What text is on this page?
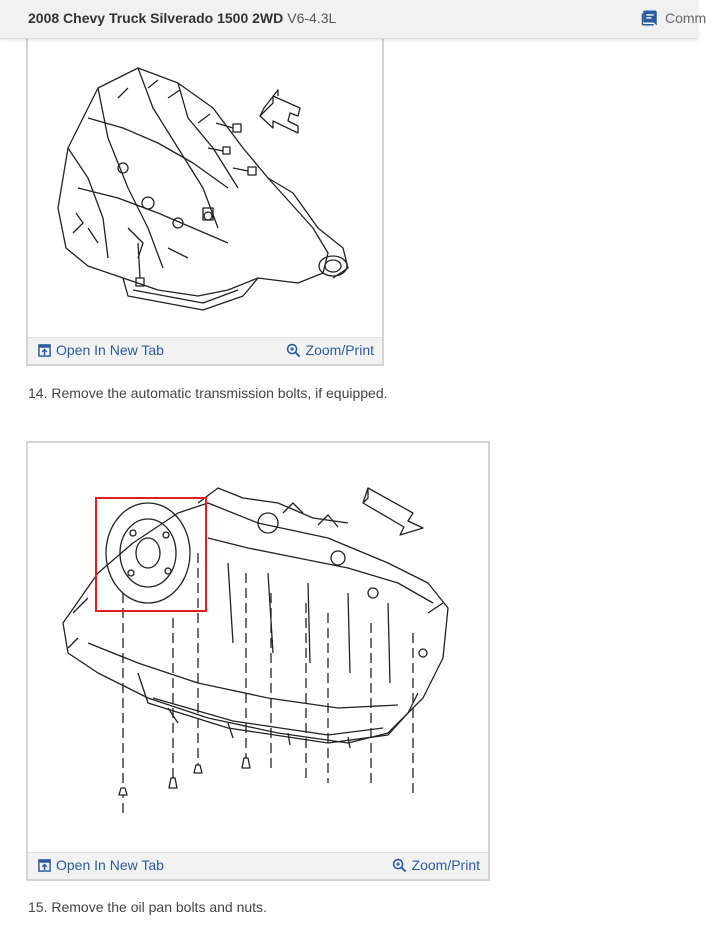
2008 Chevy Truck Silverado 1500 2WD V6-4.3L	Comm
Open In New Tab	Zoom/Print
14. Remove the automatic transmission bolts, if equipped.
Open In New Tab	Zoom/Print
15. Remove the oil pan bolts and nuts.
